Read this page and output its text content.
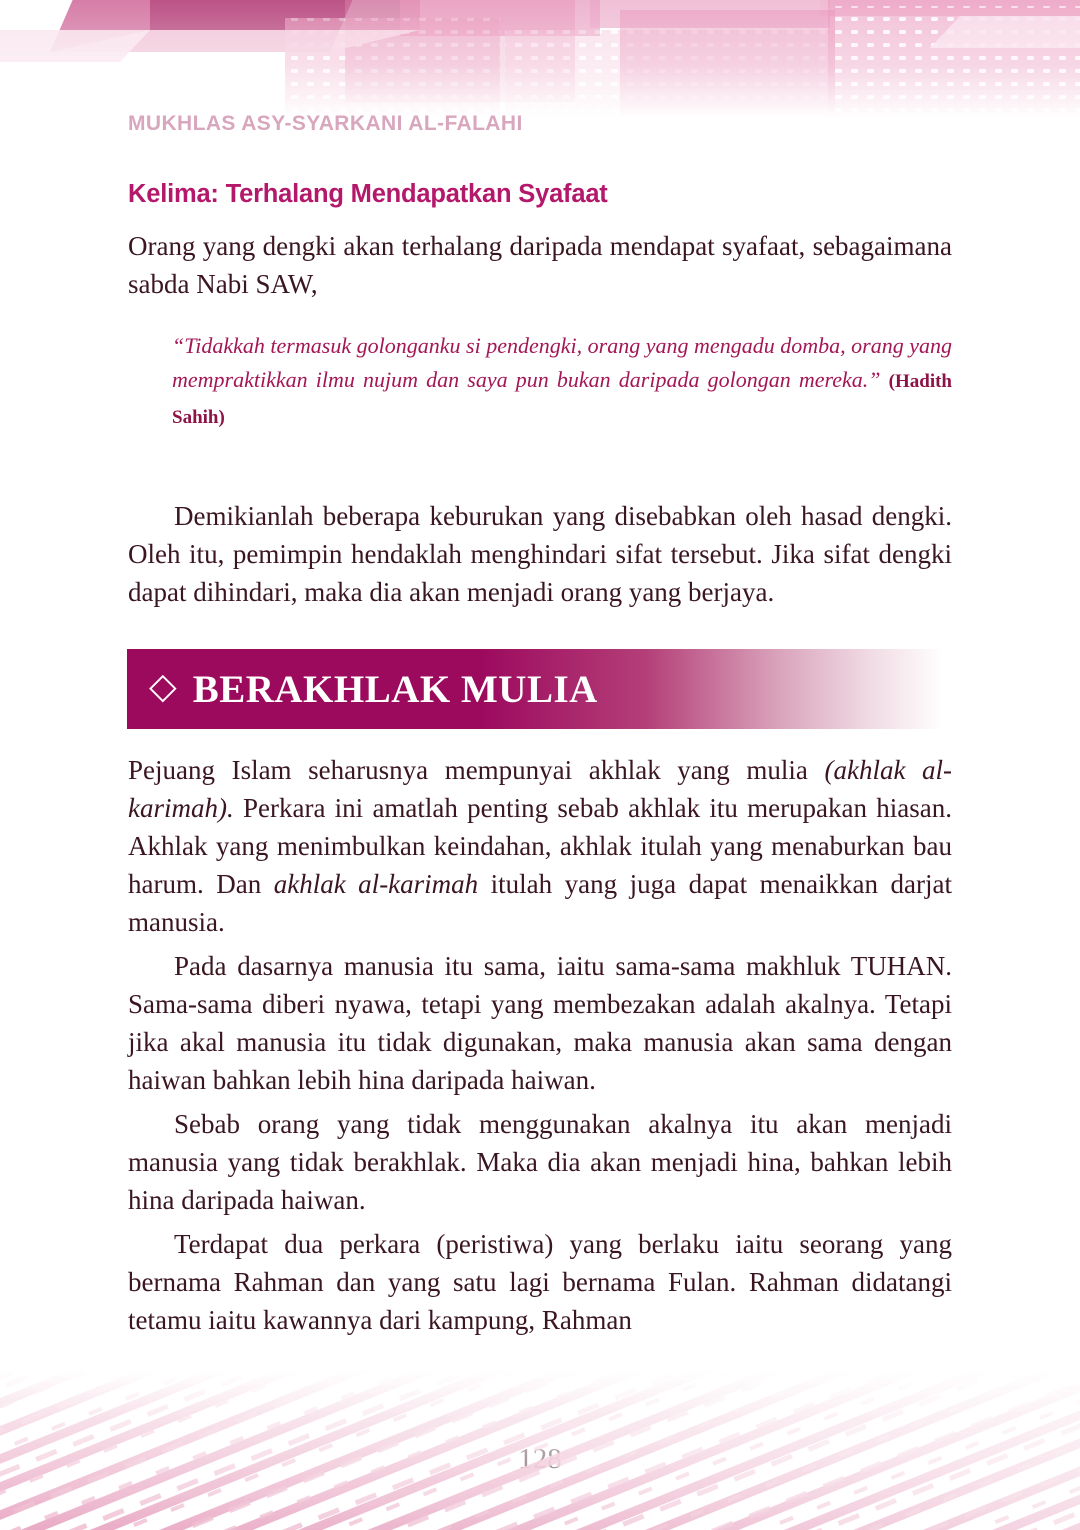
MUKHLAS ASY-SYARKANI AL-FALAHI
Kelima: Terhalang Mendapatkan Syafaat

Orang yang dengki akan terhalang daripada mendapat syafaat, sebagaimana sabda Nabi SAW,

“Tidakkah termasuk golonganku si pendengki, orang yang mengadu domba, orang yang mempraktikkan ilmu nujum dan saya pun bukan daripada golongan mereka.” (Hadith Sahih)

Demikianlah beberapa keburukan yang disebabkan oleh hasad dengki. Oleh itu, pemimpin hendaklah menghindari sifat tersebut. Jika sifat dengki dapat dihindari, maka dia akan menjadi orang yang berjaya.

◇ BERAKHLAK MULIA

Pejuang Islam seharusnya mempunyai akhlak yang mulia (akhlak al-karimah). Perkara ini amatlah penting sebab akhlak itu merupakan hiasan. Akhlak yang menimbulkan keindahan, akhlak itulah yang menaburkan bau harum. Dan akhlak al-karimah itulah yang juga dapat menaikkan darjat manusia.

Pada dasarnya manusia itu sama, iaitu sama-sama makhluk TUHAN. Sama-sama diberi nyawa, tetapi yang membezakan adalah akalnya. Tetapi jika akal manusia itu tidak digunakan, maka manusia akan sama dengan haiwan bahkan lebih hina daripada haiwan.

Sebab orang yang tidak menggunakan akalnya itu akan menjadi manusia yang tidak berakhlak. Maka dia akan menjadi hina, bahkan lebih hina daripada haiwan.

Terdapat dua perkara (peristiwa) yang berlaku iaitu seorang yang bernama Rahman dan yang satu lagi bernama Fulan. Rahman didatangi tetamu iaitu kawannya dari kampung, Rahman
